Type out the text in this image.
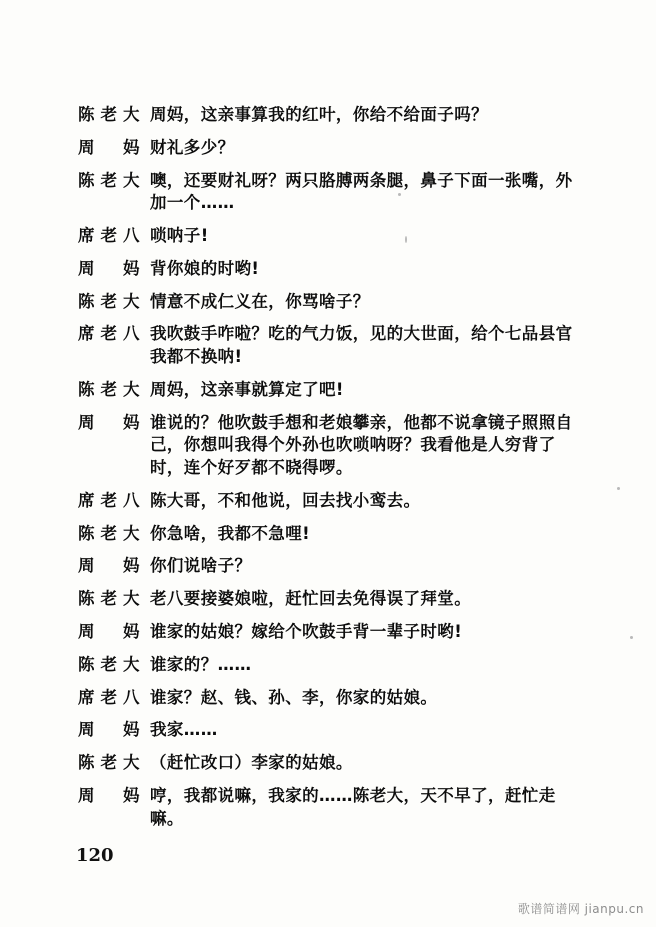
陈老大 周妈，这亲事算我的红叶，你给不给面子吗？
周妈 财礼多少？
陈老大 噢，还要财礼呀？两只胳膊两条腿，鼻子下面一张嘴，外加一个……
席老八 唢呐子!
周妈 背你娘的时哟!
陈老大 情意不成仁义在，你骂啥子？
席老八 我吹鼓手咋啦？吃的气力饭，见的大世面，给个七品县官我都不换呐!
陈老大 周妈，这亲事就算定了吧!
周妈 谁说的？他吹鼓手想和老娘攀亲，他都不说拿镜子照照自己，你想叫我得个外孙也吹唢呐呀？我看他是人穷背了时，连个好歹都不晓得啰。
席老八 陈大哥，不和他说，回去找小鸾去。
陈老大 你急啥，我都不急哩!
周妈 你们说啥子？
陈老大 老八要接婆娘啦，赶忙回去免得误了拜堂。
周妈 谁家的姑娘？嫁给个吹鼓手背一辈子时哟!
陈老大 谁家的？……
席老八 谁家？赵、钱、孙、李，你家的姑娘。
周妈 我家……
陈老大 （赶忙改口）李家的姑娘。
周妈 哼，我都说嘛，我家的……陈老大，天不早了，赶忙走嘛。
120
歌谱简谱网 jianpu.cn
